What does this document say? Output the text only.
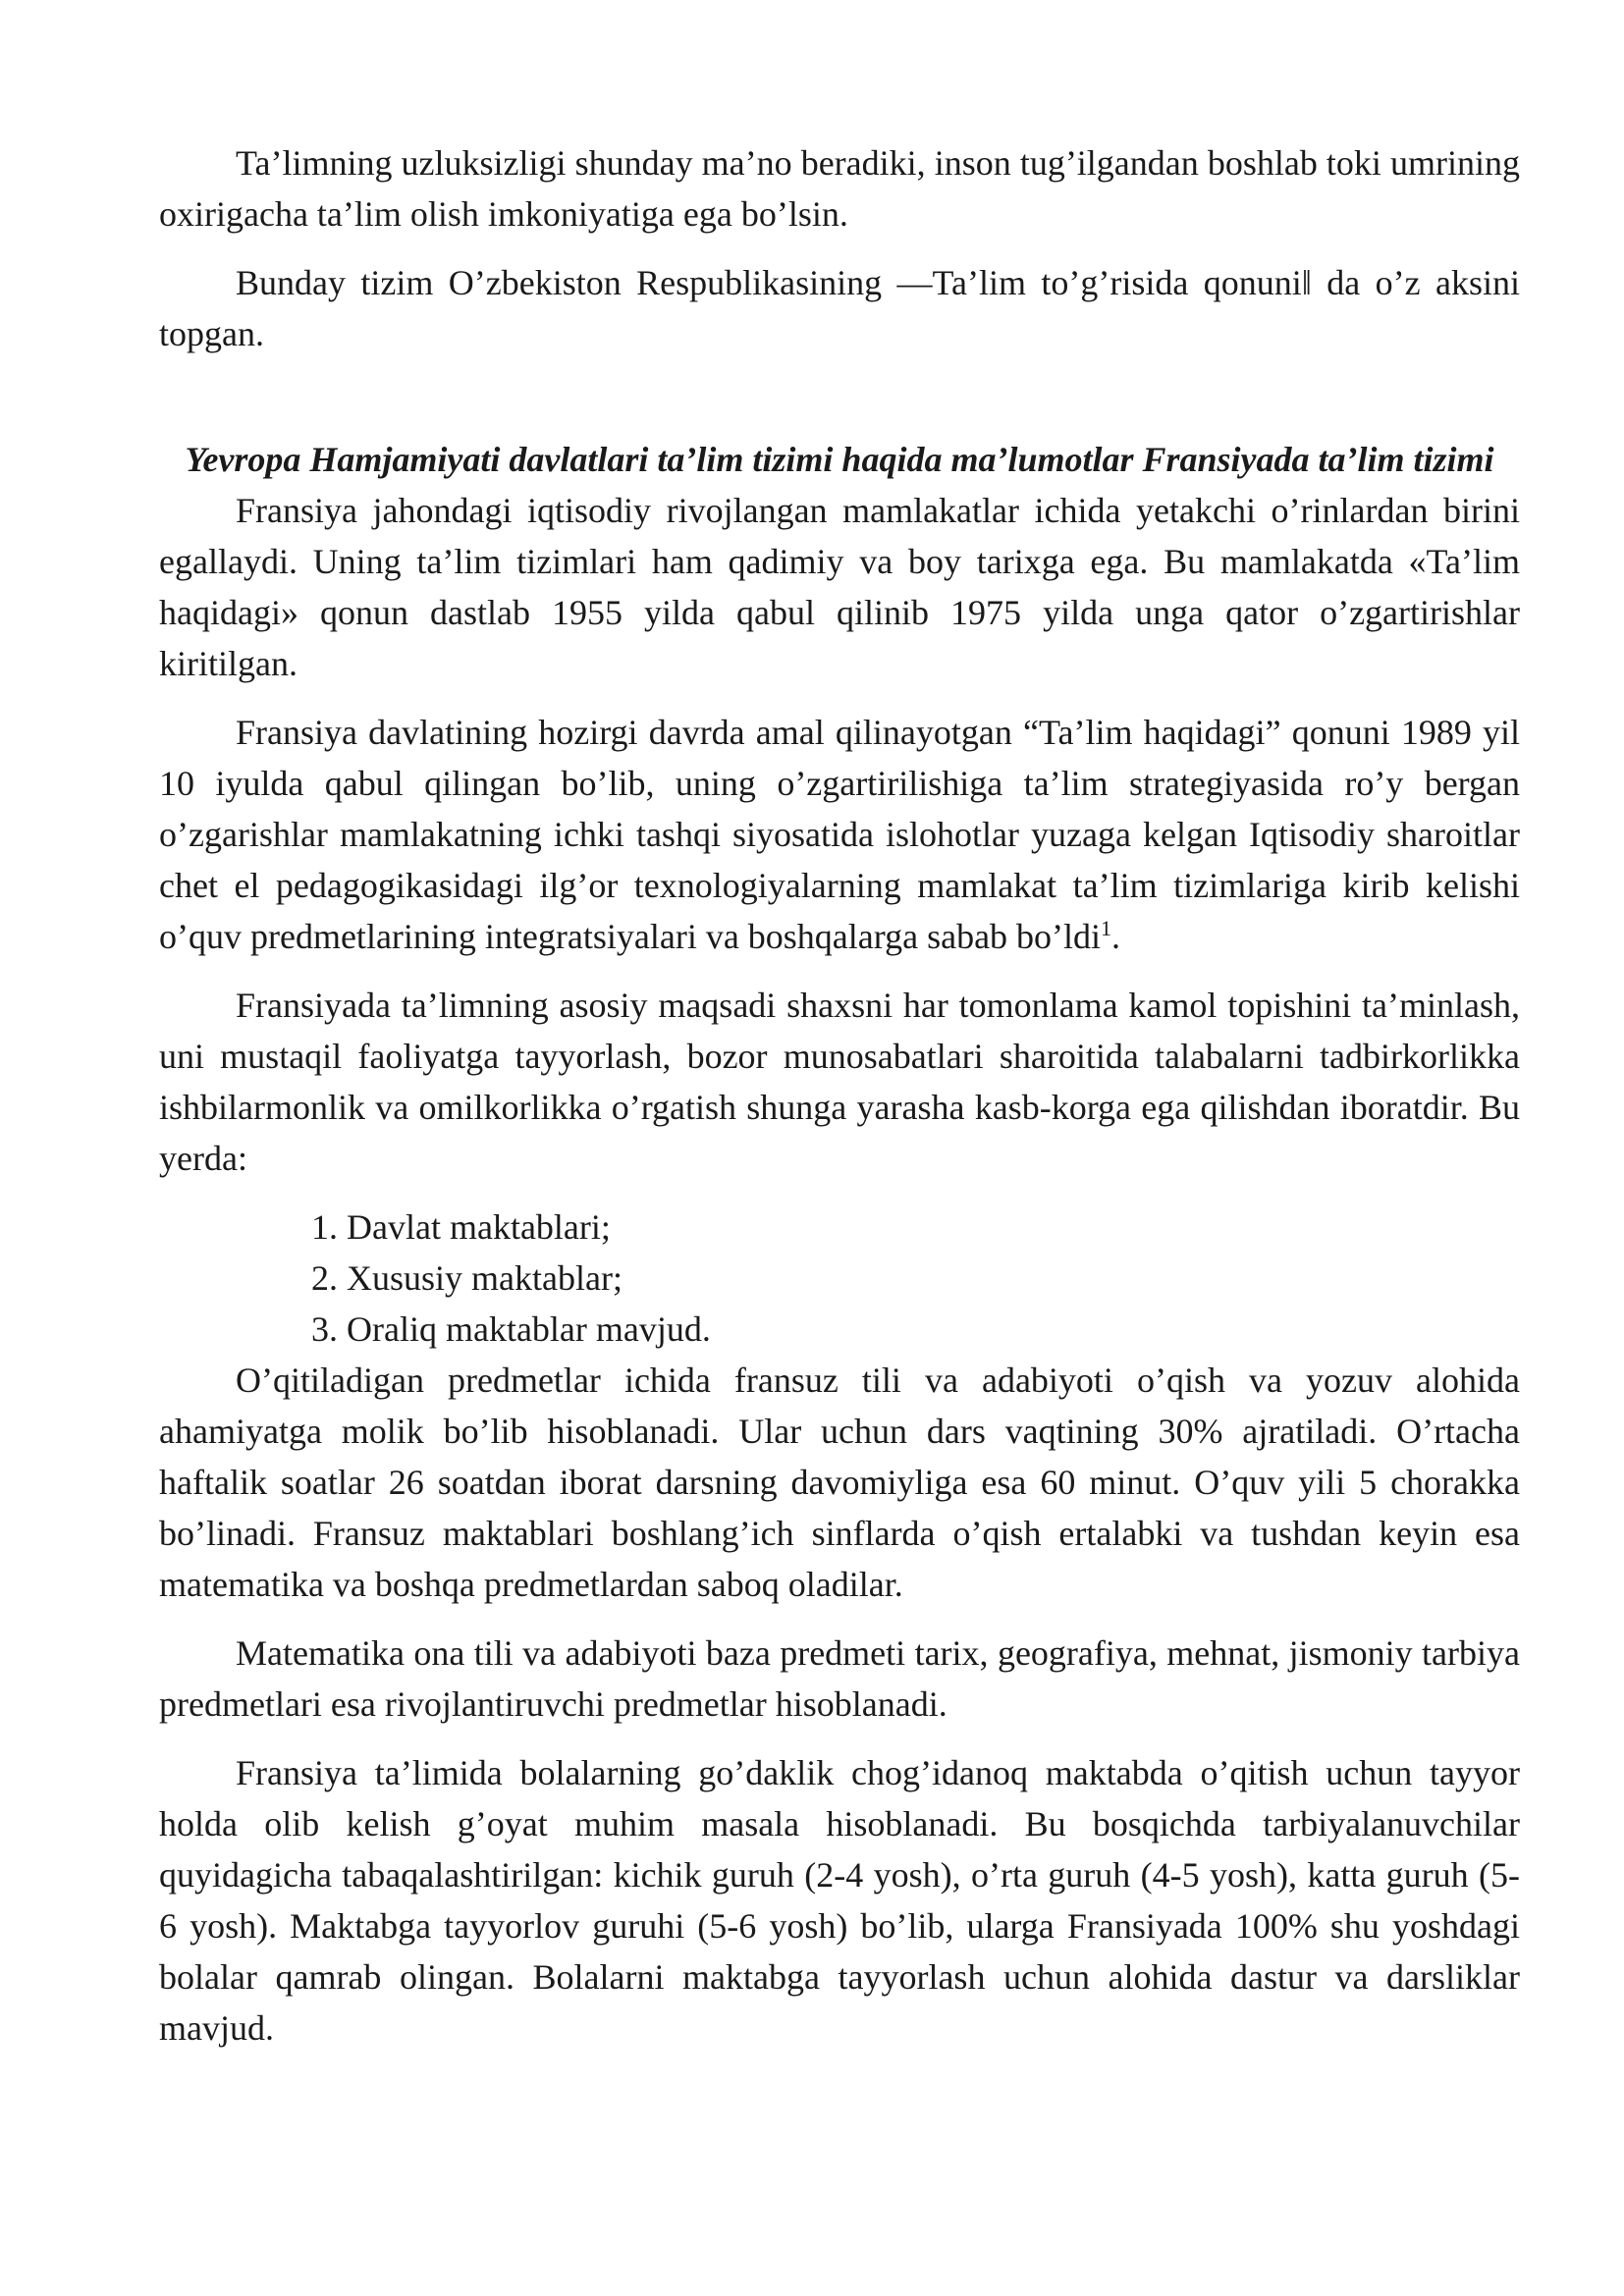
Ta’limning uzluksizligi shunday ma’no beradiki, inson tug’ilgandan boshlab toki umrining oxirigacha ta’lim olish imkoniyatiga ega bo’lsin.

Bunday tizim O’zbekiston Respublikasining —Ta’lim to’g’risida qonuni‖ da o’z aksini topgan.

Yevropa Hamjamiyati davlatlari ta’lim tizimi haqida ma’lumotlar Fransiyada ta’lim tizimi

Fransiya jahondagi iqtisodiy rivojlangan mamlakatlar ichida yetakchi o’rinlardan birini egallaydi. Uning ta’lim tizimlari ham qadimiy va boy tarixga ega. Bu mamlakatda «Ta’lim haqidagi» qonun dastlab 1955 yilda qabul qilinib 1975 yilda unga qator o’zgartirishlar kiritilgan.

Fransiya davlatining hozirgi davrda amal qilinayotgan “Ta’lim haqidagi” qonuni 1989 yil 10 iyulda qabul qilingan bo’lib, uning o’zgartirilishiga ta’lim strategiyasida ro’y bergan o’zgarishlar mamlakatning ichki tashqi siyosatida islohotlar yuzaga kelgan Iqtisodiy sharoitlar chet el pedagogikasidagi ilg’or texnologiyalarning mamlakat ta’lim tizimlariga kirib kelishi o’quv predmetlarining integratsiyalari va boshqalarga sabab bo’ldi$^1$.

Fransiyada ta’limning asosiy maqsadi shaxsni har tomonlama kamol topishini ta’minlash, uni mustaqil faoliyatga tayyorlash, bozor munosabatlari sharoitida talabalarni tadbirkorlikka ishbilarmonlik va omilkorlikka o’rgatish shunga yarasha kasb-korga ega qilishdan iboratdir. Bu yerda:

1. Davlat maktablari;
2. Xususiy maktablar;
3. Oraliq maktablar mavjud.

O’qitiladigan predmetlar ichida fransuz tili va adabiyoti o’qish va yozuv alohida ahamiyatga molik bo’lib hisoblanadi. Ular uchun dars vaqtining 30% ajratiladi. O’rtacha haftalik soatlar 26 soatdan iborat darsning davomiyliga esa 60 minut. O’quv yili 5 chorakka bo’linadi. Fransuz maktablari boshlang’ich sinflarda o’qish ertalabki va tushdan keyin esa matematika va boshqa predmetlardan saboq oladilar.

Matematika ona tili va adabiyoti baza predmeti tarix, geografiya, mehnat, jismoniy tarbiya predmetlari esa rivojlantiruvchi predmetlar hisoblanadi.

Fransiya ta’limida bolalarning go’daklik chog’idanoq maktabda o’qitish uchun tayyor holda olib kelish g’oyat muhim masala hisoblanadi. Bu bosqichda tarbiyalanuvchilar quyidagicha tabaqalashtirilgan: kichik guruh (2-4 yosh), o’rta guruh (4-5 yosh), katta guruh (5-6 yosh). Maktabga tayyorlov guruhi (5-6 yosh) bo’lib, ularga Fransiyada 100% shu yoshdagi bolalar qamrab olingan. Bolalarni maktabga tayyorlash uchun alohida dastur va darsliklar mavjud.
